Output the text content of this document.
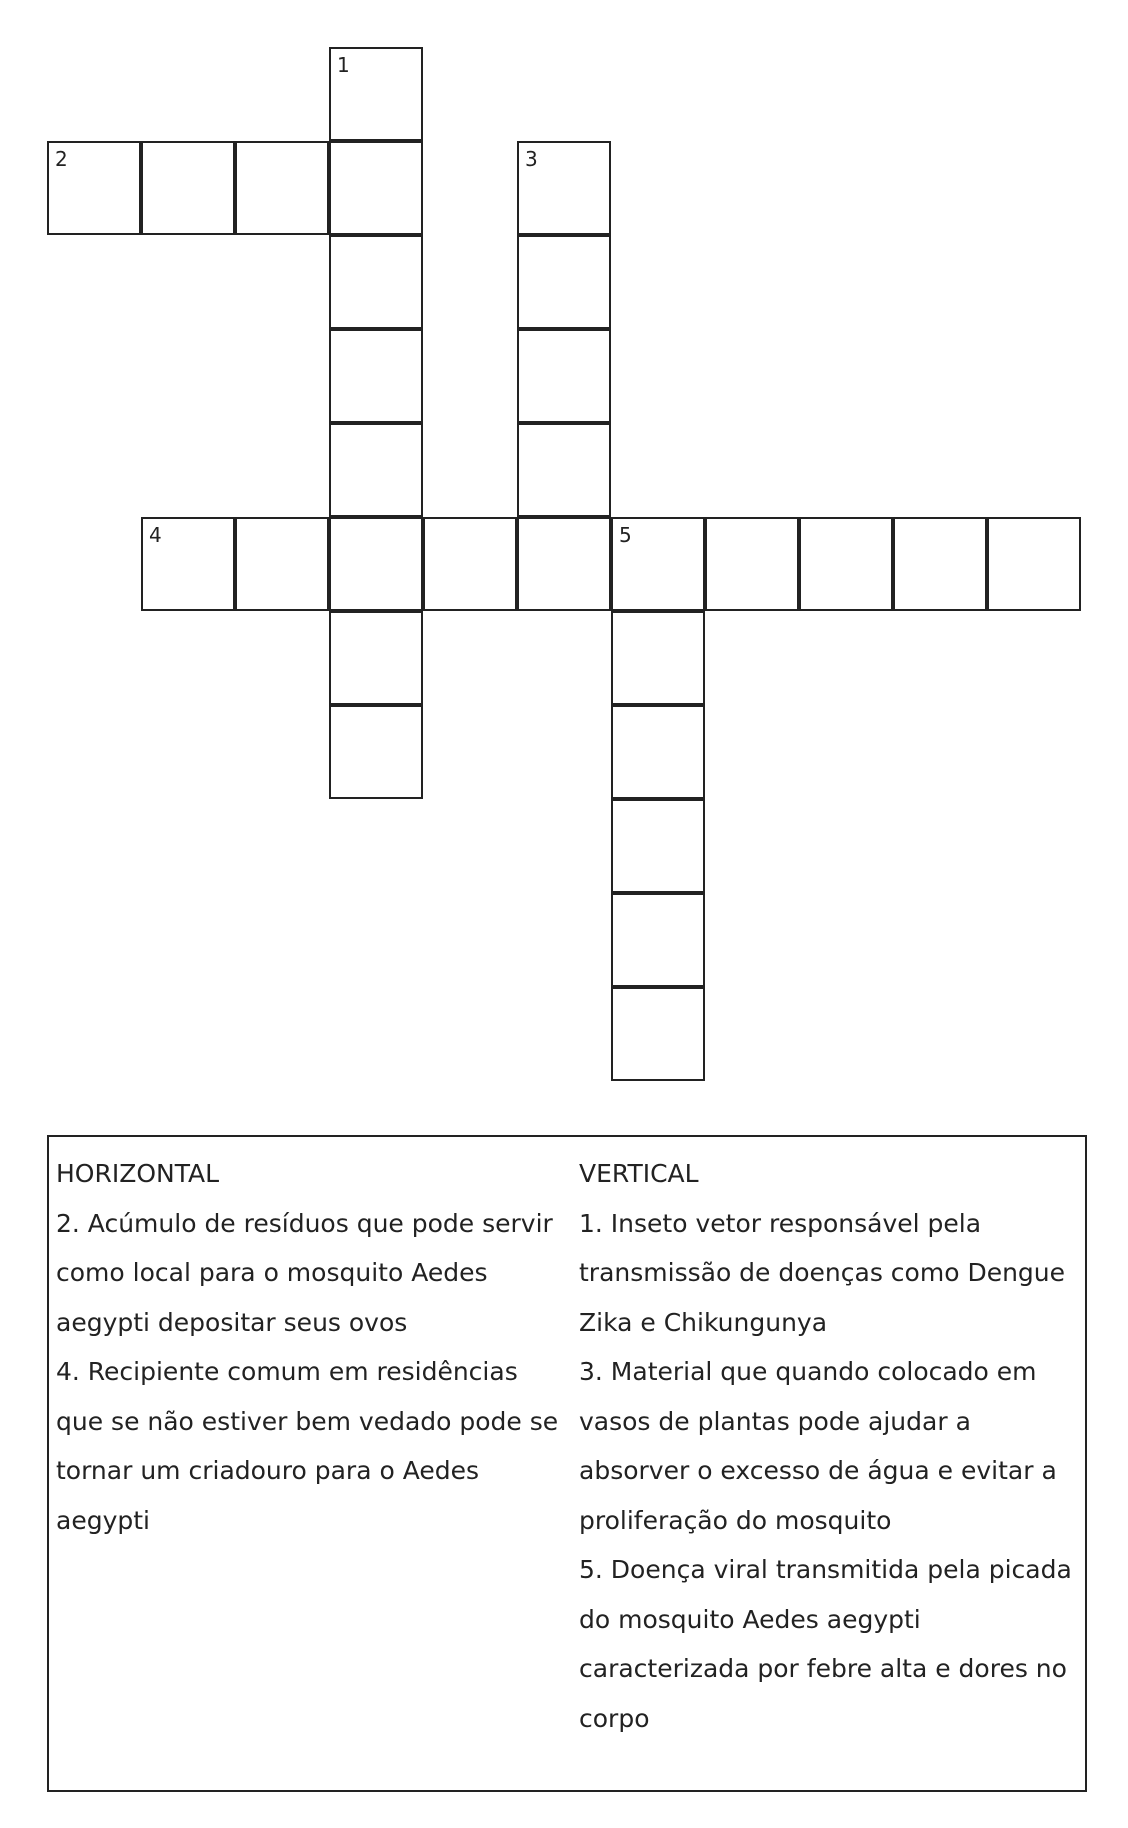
1
2	3
4	5

HORIZONTAL

2. Acúmulo de resíduos que pode servir como local para o mosquito Aedes aegypti depositar seus ovos

4. Recipiente comum em residências que se não estiver bem vedado pode se tornar um criadouro para o Aedes aegypti

VERTICAL

1. Inseto vetor responsável pela transmissão de doenças como Dengue Zika e Chikungunya

3. Material que quando colocado em vasos de plantas pode ajudar a absorver o excesso de água e evitar a proliferação do mosquito

5. Doença viral transmitida pela picada do mosquito Aedes aegypti caracterizada por febre alta e dores no corpo
